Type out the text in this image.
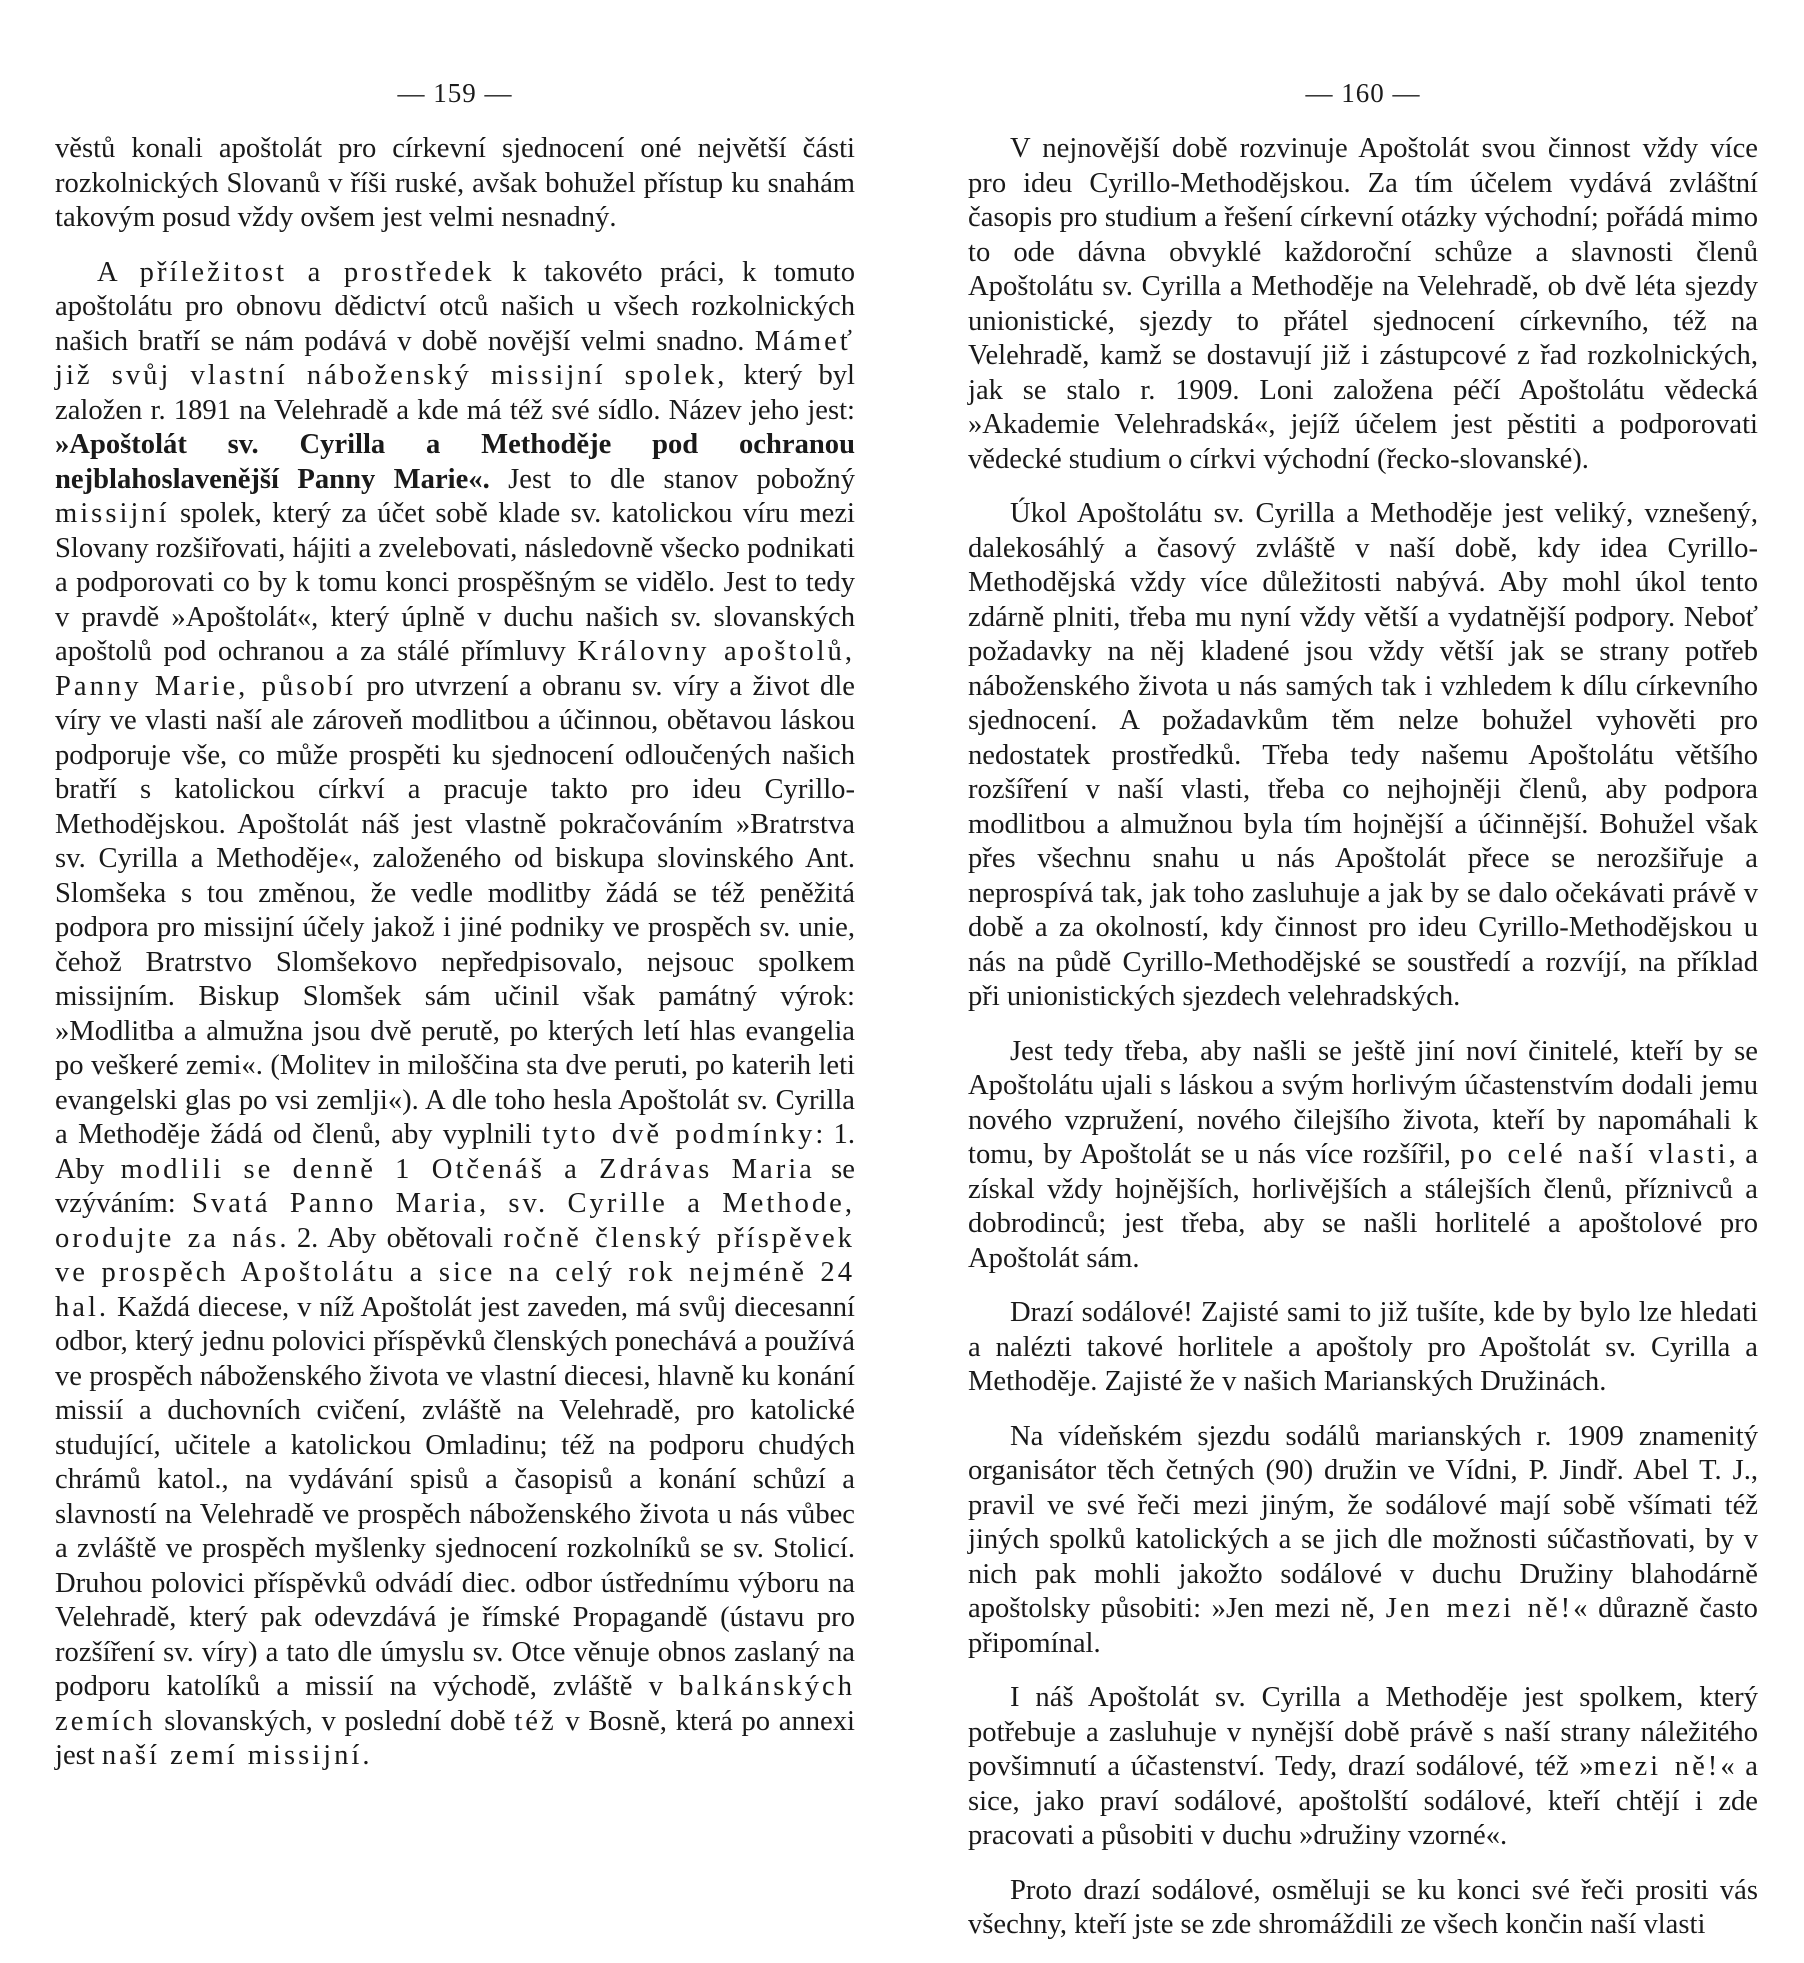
— 159 —

věstů konali apoštolát pro církevní sjednocení oné největší části rozkolnických Slovanů v říši ruské, avšak bohužel přístup ku snahám takovým posud vždy ovšem jest velmi nesnadný.

A příležitost a prostředek k takovéto práci, k tomuto apoštolátu pro obnovu dědictví otců našich u všech rozkolnických našich bratří se nám podává v době novější velmi snadno. Mámeť již svůj vlastní náboženský missijní spolek, který byl založen r. 1891 na Velehradě a kde má též své sídlo. Název jeho jest: »Apoštolát sv. Cyrilla a Methoděje pod ochranou nejblahoslavenější Panny Marie«. Jest to dle stanov pobožný missijní spolek, který za účet sobě klade sv. katolickou víru mezi Slovany rozšiřovati, hájiti a zvelebovati, následovně všecko podnikati a podporovati co by k tomu konci prospěšným se vidělo. Jest to tedy v pravdě »Apoštolát«, který úplně v duchu našich sv. slovanských apoštolů pod ochranou a za stálé přímluvy Královny apoštolů, Panny Marie, působí pro utvrzení a obranu sv. víry a život dle víry ve vlasti naší ale zároveň modlitbou a účinnou, obětavou láskou podporuje vše, co může prospěti ku sjednocení odloučených našich bratří s katolickou církví a pracuje takto pro ideu Cyrillo-Methodějskou. Apoštolát náš jest vlastně pokračováním »Bratrstva sv. Cyrilla a Methoděje«, založeného od biskupa slovinského Ant. Slomšeka s tou změnou, že vedle modlitby žádá se též peněžitá podpora pro missijní účely jakož i jiné podniky ve prospěch sv. unie, čehož Bratrstvo Slomšekovo nepředpisovalo, nejsouc spolkem missijním. Biskup Slomšek sám učinil však památný výrok: »Modlitba a almužna jsou dvě perutě, po kterých letí hlas evangelia po veškeré zemi«. (Molitev in miloščina sta dve peruti, po katerih leti evangelski glas po vsi zemlji«). A dle toho hesla Apoštolát sv. Cyrilla a Methoděje žádá od členů, aby vyplnili tyto dvě podmínky: 1. Aby modlili se denně 1 Otčenáš a Zdrávas Maria se vzýváním: Svatá Panno Maria, sv. Cyrille a Methode, orodujte za nás. 2. Aby obětovali ročně členský příspěvek ve prospěch Apoštolátu a sice na celý rok nejméně 24 hal. Každá diecese, v níž Apoštolát jest zaveden, má svůj diecesanní odbor, který jednu polovici příspěvků členských ponechává a používá ve prospěch náboženského života ve vlastní diecesi, hlavně ku konání missií a duchovních cvičení, zvláště na Velehradě, pro katolické studující, učitele a katolickou Omladinu; též na podporu chudých chrámů katol., na vydávání spisů a časopisů a konání schůzí a slavností na Velehradě ve prospěch náboženského života u nás vůbec a zvláště ve prospěch myšlenky sjednocení rozkolníků se sv. Stolicí. Druhou polovici příspěvků odvádí diec. odbor ústřednímu výboru na Velehradě, který pak odevzdává je římské Propagandě (ústavu pro rozšíření sv. víry) a tato dle úmyslu sv. Otce věnuje obnos zaslaný na podporu katolíků a missií na východě, zvláště v balkánských zemích slovanských, v poslední době též v Bosně, která po annexi jest naší zemí missijní.

— 160 —

V nejnovější době rozvinuje Apoštolát svou činnost vždy více pro ideu Cyrillo-Methodějskou. Za tím účelem vydává zvláštní časopis pro studium a řešení církevní otázky východní; pořádá mimo to ode dávna obvyklé každoroční schůze a slavnosti členů Apoštolátu sv. Cyrilla a Methoděje na Velehradě, ob dvě léta sjezdy unionistické, sjezdy to přátel sjednocení církevního, též na Velehradě, kamž se dostavují již i zástupcové z řad rozkolnických, jak se stalo r. 1909. Loni založena péčí Apoštolátu vědecká »Akademie Velehradská«, jejíž účelem jest pěstiti a podporovati vědecké studium o církvi východní (řecko-slovanské).

Úkol Apoštolátu sv. Cyrilla a Methoděje jest veliký, vznešený, dalekosáhlý a časový zvláště v naší době, kdy idea Cyrillo-Methodějská vždy více důležitosti nabývá. Aby mohl úkol tento zdárně plniti, třeba mu nyní vždy větší a vydatnější podpory. Neboť požadavky na něj kladené jsou vždy větší jak se strany potřeb náboženského života u nás samých tak i vzhledem k dílu církevního sjednocení. A požadavkům těm nelze bohužel vyhověti pro nedostatek prostředků. Třeba tedy našemu Apoštolátu většího rozšíření v naší vlasti, třeba co nejhojněji členů, aby podpora modlitbou a almužnou byla tím hojnější a účinnější. Bohužel však přes všechnu snahu u nás Apoštolát přece se nerozšiřuje a neprospívá tak, jak toho zasluhuje a jak by se dalo očekávati právě v době a za okolností, kdy činnost pro ideu Cyrillo-Methodějskou u nás na půdě Cyrillo-Methodějské se soustředí a rozvíjí, na příklad při unionistických sjezdech velehradských.

Jest tedy třeba, aby našli se ještě jiní noví činitelé, kteří by se Apoštolátu ujali s láskou a svým horlivým účastenstvím dodali jemu nového vzpružení, nového čilejšího života, kteří by napomáhali k tomu, by Apoštolát se u nás více rozšířil, po celé naší vlasti, a získal vždy hojnějších, horlivějších a stálejších členů, příznivců a dobrodinců; jest třeba, aby se našli horlitelé a apoštolové pro Apoštolát sám.

Drazí sodálové! Zajisté sami to již tušíte, kde by bylo lze hledati a nalézti takové horlitele a apoštoly pro Apoštolát sv. Cyrilla a Methoděje. Zajisté že v našich Marianských Družinách.

Na vídeňském sjezdu sodálů marianských r. 1909 znamenitý organisátor těch četných (90) družin ve Vídni, P. Jindř. Abel T. J., pravil ve své řeči mezi jiným, že sodálové mají sobě všímati též jiných spolků katolických a se jich dle možnosti súčastňovati, by v nich pak mohli jakožto sodálové v duchu Družiny blahodárně apoštolsky působiti: »Jen mezi ně, Jen mezi ně!« důrazně často připomínal.

I náš Apoštolát sv. Cyrilla a Methoděje jest spolkem, který potřebuje a zasluhuje v nynější době právě s naší strany náležitého povšimnutí a účastenství. Tedy, drazí sodálové, též »mezi ně!« a sice, jako praví sodálové, apoštolští sodálové, kteří chtějí i zde pracovati a působiti v duchu »družiny vzorné«.

Proto drazí sodálové, osměluji se ku konci své řeči prositi vás všechny, kteří jste se zde shromáždili ze všech končin naší vlasti
